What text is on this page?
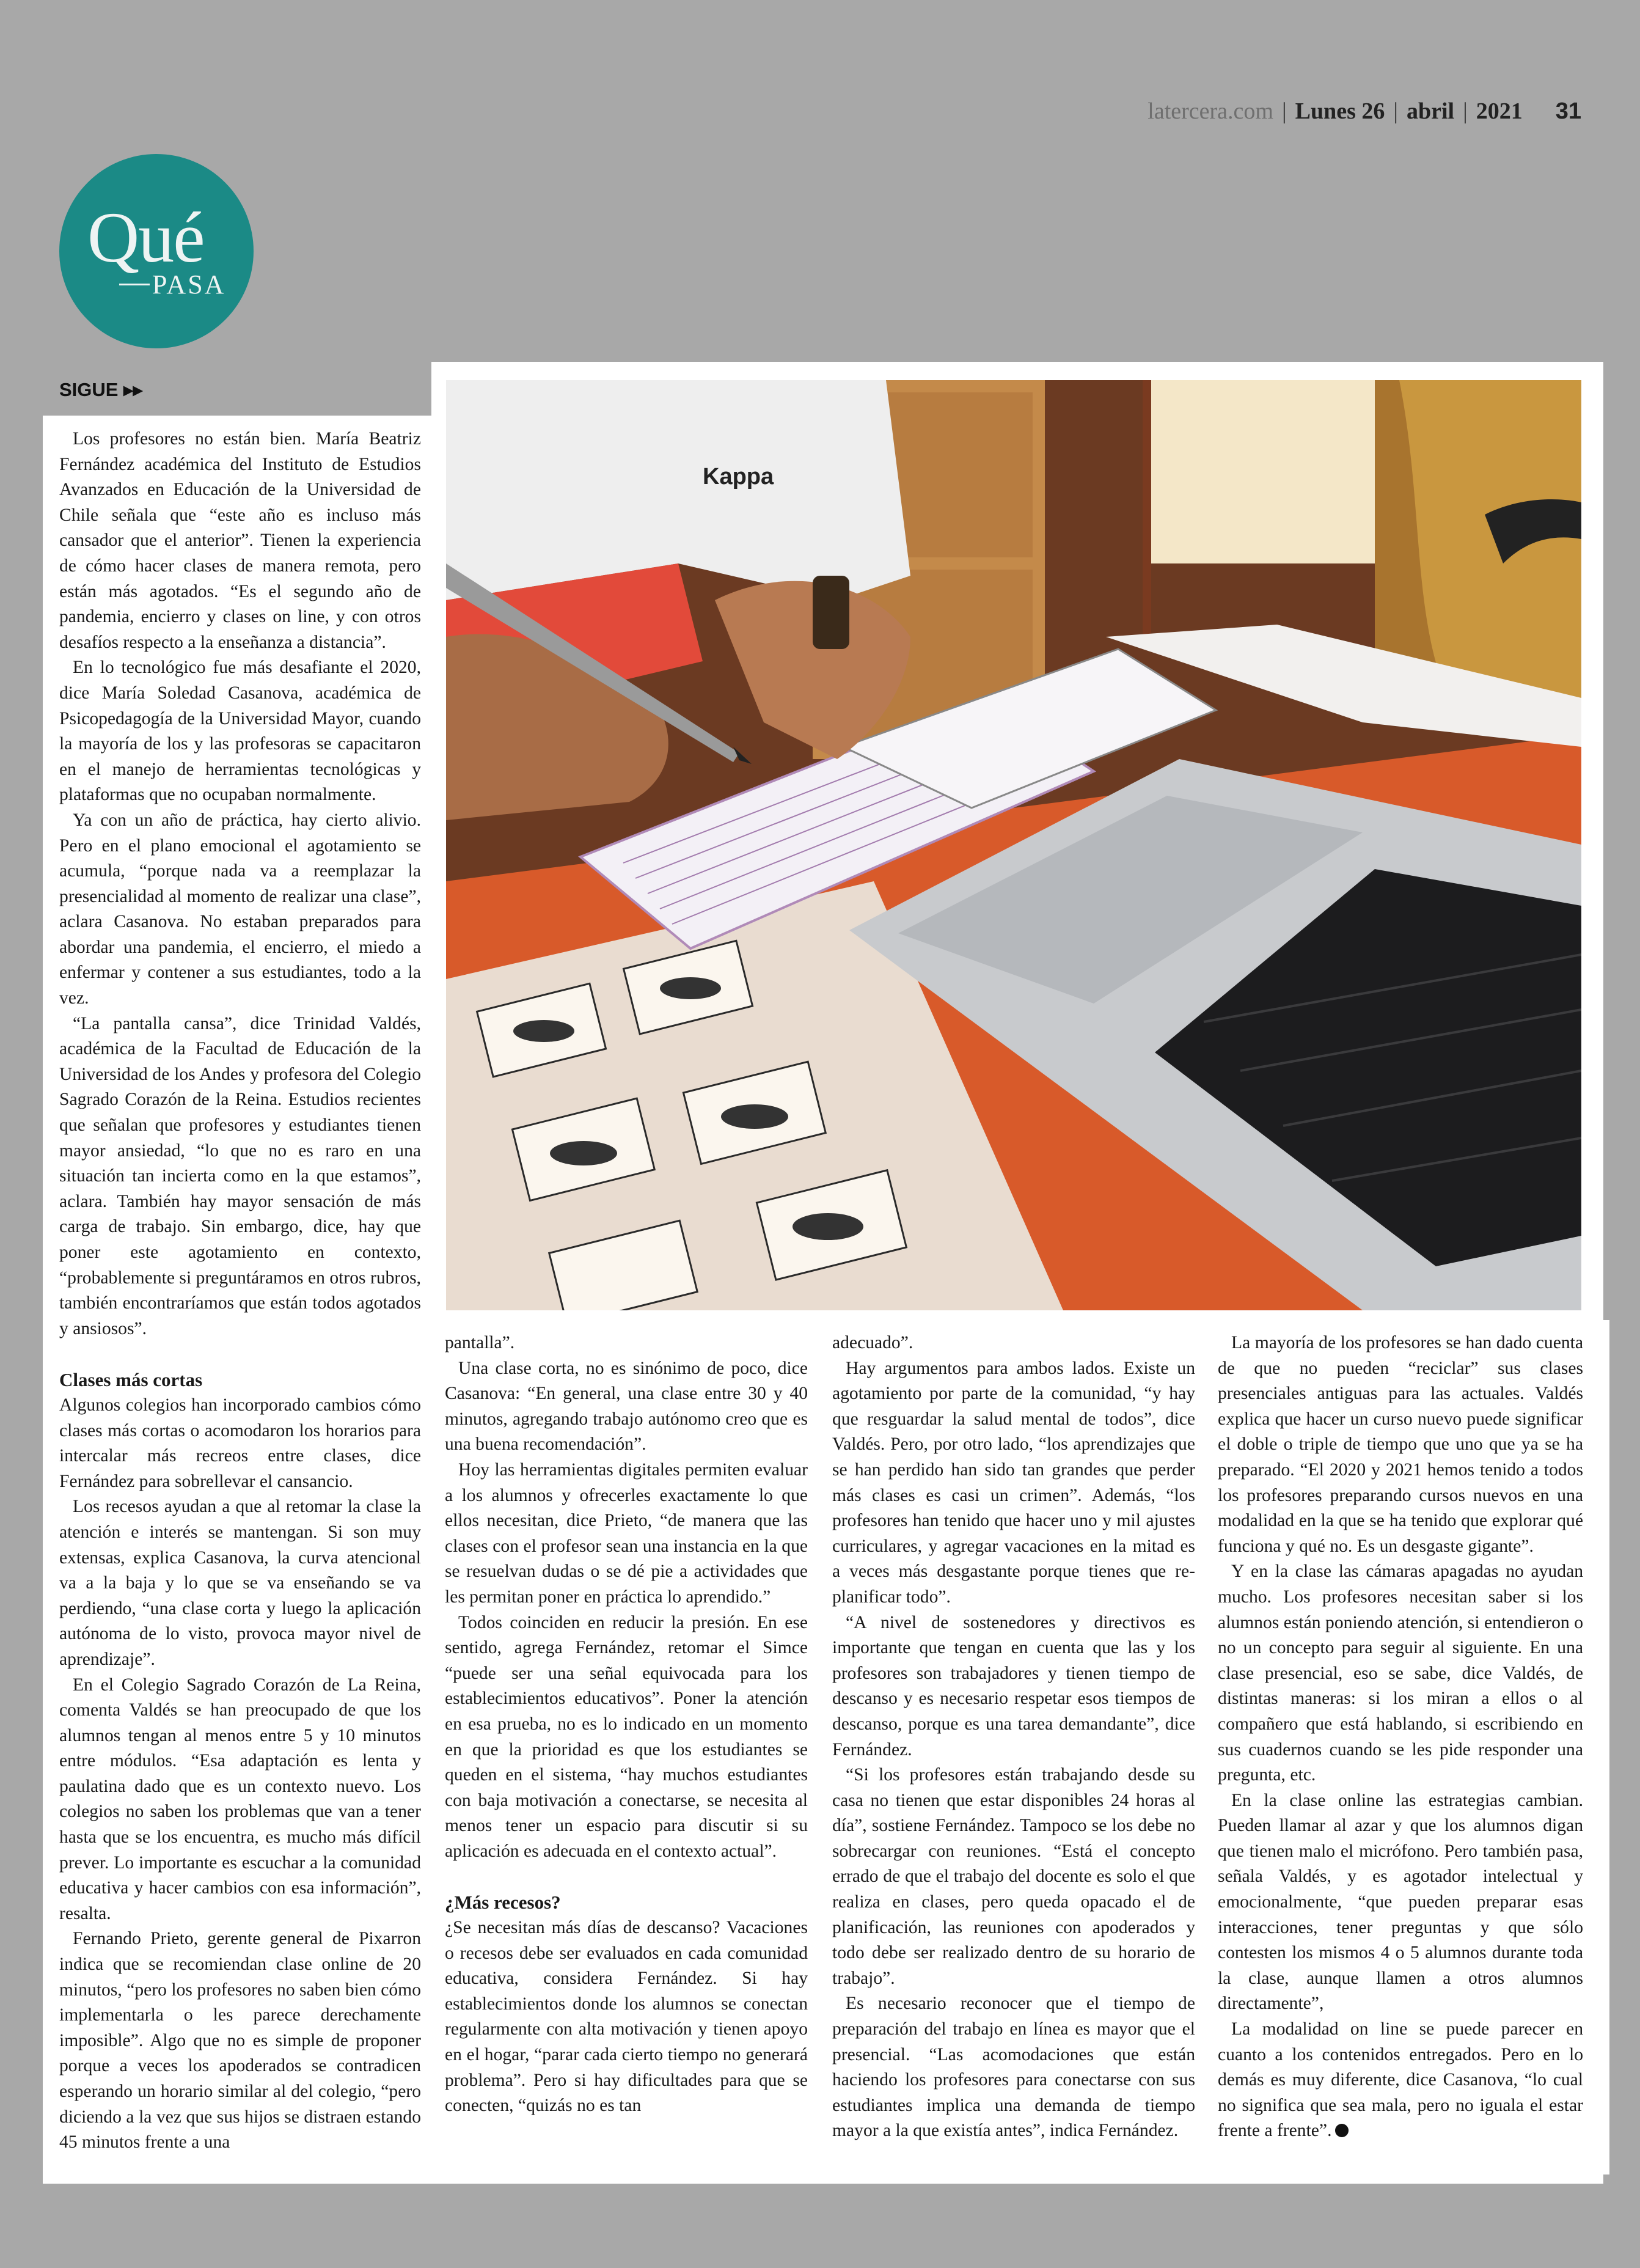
latercera.com | Lunes 26 | abril | 2021 31
Qué
PASA
SIGUE ▸▸
Kappa

Los profesores no están bien. María Beatriz Fernández académica del Instituto de Estudios Avanzados en Educación de la Universidad de Chile señala que “este año es incluso más cansador que el anterior”. Tienen la experiencia de cómo hacer clases de manera remota, pero están más agotados. “Es el segundo año de pandemia, encierro y clases on line, y con otros desafíos respecto a la enseñanza a distancia”.

En lo tecnológico fue más desafiante el 2020, dice María Soledad Casanova, académica de Psicopedagogía de la Universidad Mayor, cuando la mayoría de los y las profesoras se capacitaron en el manejo de herramientas tecnológicas y plataformas que no ocupaban normalmente.

Ya con un año de práctica, hay cierto alivio. Pero en el plano emocional el agotamiento se acumula, “porque nada va a reemplazar la presencialidad al momento de realizar una clase”, aclara Casanova. No estaban preparados para abordar una pandemia, el encierro, el miedo a enfermar y contener a sus estudiantes, todo a la vez.

“La pantalla cansa”, dice Trinidad Valdés, académica de la Facultad de Educación de la Universidad de los Andes y profesora del Colegio Sagrado Corazón de la Reina. Estudios recientes que señalan que profesores y estudiantes tienen mayor ansiedad, “lo que no es raro en una situación tan incierta como en la que estamos”, aclara. También hay mayor sensación de más carga de trabajo. Sin embargo, dice, hay que poner este agotamiento en contexto, “probablemente si preguntáramos en otros rubros, también encontraríamos que están todos agotados y ansiosos”.

Clases más cortas

Algunos colegios han incorporado cambios cómo clases más cortas o acomodaron los horarios para intercalar más recreos entre clases, dice Fernández para sobrellevar el cansancio.

Los recesos ayudan a que al retomar la clase la atención e interés se mantengan. Si son muy extensas, explica Casanova, la curva atencional va a la baja y lo que se va enseñando se va perdiendo, “una clase corta y luego la aplicación autónoma de lo visto, provoca mayor nivel de aprendizaje”.

En el Colegio Sagrado Corazón de La Reina, comenta Valdés se han preocupado de que los alumnos tengan al menos entre 5 y 10 minutos entre módulos. “Esa adaptación es lenta y paulatina dado que es un contexto nuevo. Los colegios no saben los problemas que van a tener hasta que se los encuentra, es mucho más difícil prever. Lo importante es escuchar a la comunidad educativa y hacer cambios con esa información”, resalta.

Fernando Prieto, gerente general de Pixarron indica que se recomiendan clase online de 20 minutos, “pero los profesores no saben bien cómo implementarla o les parece derechamente imposible”. Algo que no es simple de proponer porque a veces los apoderados se contradicen esperando un horario similar al del colegio, “pero diciendo a la vez que sus hijos se distraen estando 45 minutos frente a una

pantalla”.

Una clase corta, no es sinónimo de poco, dice Casanova: “En general, una clase entre 30 y 40 minutos, agregando trabajo autónomo creo que es una buena recomendación”.

Hoy las herramientas digitales permiten evaluar a los alumnos y ofrecerles exactamente lo que ellos necesitan, dice Prieto, “de manera que las clases con el profesor sean una instancia en la que se resuelvan dudas o se dé pie a actividades que les permitan poner en práctica lo aprendido.”

Todos coinciden en reducir la presión. En ese sentido, agrega Fernández, retomar el Simce “puede ser una señal equivocada para los establecimientos educativos”. Poner la atención en esa prueba, no es lo indicado en un momento en que la prioridad es que los estudiantes se queden en el sistema, “hay muchos estudiantes con baja motivación a conectarse, se necesita al menos tener un espacio para discutir si su aplicación es adecuada en el contexto actual”.

¿Más recesos?

¿Se necesitan más días de descanso? Vacaciones o recesos debe ser evaluados en cada comunidad educativa, considera Fernández. Si hay establecimientos donde los alumnos se conectan regularmente con alta motivación y tienen apoyo en el hogar, “parar cada cierto tiempo no generará problema”. Pero si hay dificultades para que se conecten, “quizás no es tan

adecuado”.

Hay argumentos para ambos lados. Existe un agotamiento por parte de la comunidad, “y hay que resguardar la salud mental de todos”, dice Valdés. Pero, por otro lado, “los aprendizajes que se han perdido han sido tan grandes que perder más clases es casi un crimen”. Además, “los profesores han tenido que hacer uno y mil ajustes curriculares, y agregar vacaciones en la mitad es a veces más desgastante porque tienes que re-planificar todo”.

“A nivel de sostenedores y directivos es importante que tengan en cuenta que las y los profesores son trabajadores y tienen tiempo de descanso y es necesario respetar esos tiempos de descanso, porque es una tarea demandante”, dice Fernández.

“Si los profesores están trabajando desde su casa no tienen que estar disponibles 24 horas al día”, sostiene Fernández. Tampoco se los debe no sobrecargar con reuniones. “Está el concepto errado de que el trabajo del docente es solo el que realiza en clases, pero queda opacado el de planificación, las reuniones con apoderados y todo debe ser realizado dentro de su horario de trabajo”.

Es necesario reconocer que el tiempo de preparación del trabajo en línea es mayor que el presencial. “Las acomodaciones que están haciendo los profesores para conectarse con sus estudiantes implica una demanda de tiempo mayor a la que existía antes”, indica Fernández.

La mayoría de los profesores se han dado cuenta de que no pueden “reciclar” sus clases presenciales antiguas para las actuales. Valdés explica que hacer un curso nuevo puede significar el doble o triple de tiempo que uno que ya se ha preparado. “El 2020 y 2021 hemos tenido a todos los profesores preparando cursos nuevos en una modalidad en la que se ha tenido que explorar qué funciona y qué no. Es un desgaste gigante”.

Y en la clase las cámaras apagadas no ayudan mucho. Los profesores necesitan saber si los alumnos están poniendo atención, si entendieron o no un concepto para seguir al siguiente. En una clase presencial, eso se sabe, dice Valdés, de distintas maneras: si los miran a ellos o al compañero que está hablando, si escribiendo en sus cuadernos cuando se les pide responder una pregunta, etc.

En la clase online las estrategias cambian. Pueden llamar al azar y que los alumnos digan que tienen malo el micrófono. Pero también pasa, señala Valdés, y es agotador intelectual y emocionalmente, “que pueden preparar esas interacciones, tener preguntas y que sólo contesten los mismos 4 o 5 alumnos durante toda la clase, aunque llamen a otros alumnos directamente”,

La modalidad on line se puede parecer en cuanto a los contenidos entregados. Pero en lo demás es muy diferente, dice Casanova, “lo cual no significa que sea mala, pero no iguala el estar frente a frente”.
